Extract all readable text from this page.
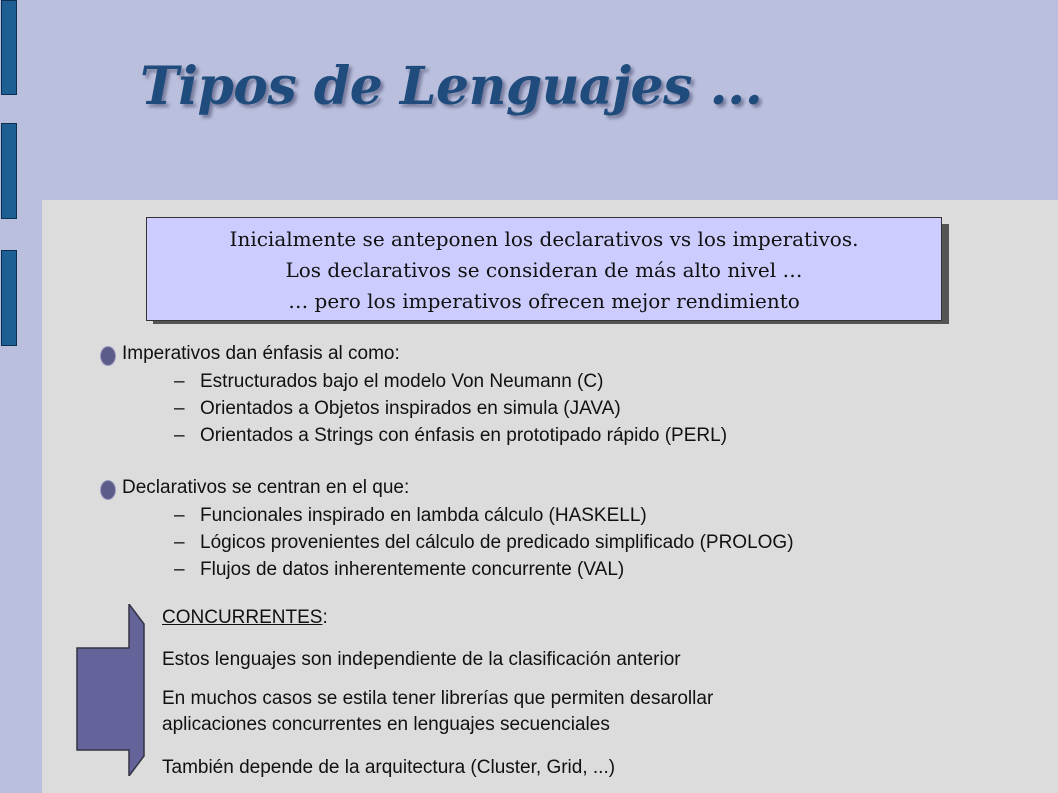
Tipos de Lenguajes ...
Inicialmente se anteponen los declarativos vs los imperativos.
Los declarativos se consideran de más alto nivel …
… pero los imperativos ofrecen mejor rendimiento
Imperativos dan énfasis al como:
– Estructurados bajo el modelo Von Neumann (C)
– Orientados a Objetos inspirados en simula (JAVA)
– Orientados a Strings con énfasis en prototipado rápido (PERL)
Declarativos se centran en el que:
– Funcionales inspirado en lambda cálculo (HASKELL)
– Lógicos provenientes del cálculo de predicado simplificado (PROLOG)
– Flujos de datos inherentemente concurrente (VAL)
CONCURRENTES:
Estos lenguajes son independiente de la clasificación anterior
En muchos casos se estila tener librerías que permiten desarollar
aplicaciones concurrentes en lenguajes secuenciales
También depende de la arquitectura (Cluster, Grid, ...)
